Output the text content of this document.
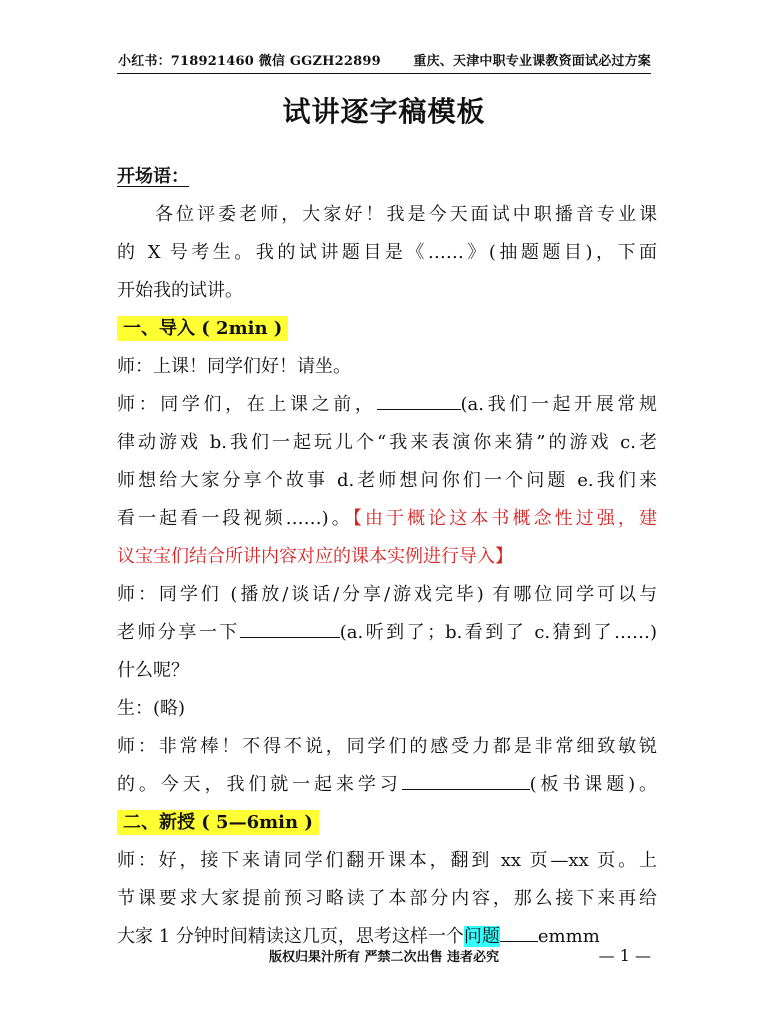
小红书：718921460 微信 GGZH22899	重庆、天津中职专业课教资面试必过方案
试讲逐字稿模板
开场语：
各位评委老师，大家好！我是今天面试中职播音专业课
的 X 号考生。我的试讲题目是《……》(抽题题目)，下面
开始我的试讲。
一、导入 ( 2min )
师：上课！同学们好！请坐。
师：同学们，在上课之前，	(a.我们一起开展常规
律动游戏 b.我们一起玩儿个“我来表演你来猜”的游戏 c.老
师想给大家分享个故事 d.老师想问你们一个问题 e.我们来
看一起看一段视频……)。【由于概论这本书概念性过强，建
议宝宝们结合所讲内容对应的课本实例进行导入】
师：同学们 (播放/谈话/分享/游戏完毕) 有哪位同学可以与
老师分享一下	(a.听到了；b.看到了 c.猜到了……)
什么呢？
生：(略)
师：非常棒！不得不说，同学们的感受力都是非常细致敏锐
的。今天，我们就一起来学习	(板书课题)。
二、新授 ( 5—6min )
师：好，接下来请同学们翻开课本，翻到 xx 页—xx 页。上
节课要求大家提前预习略读了本部分内容，那么接下来再给
大家 1 分钟时间精读这几页，思考这样一个问题 emmm
版权归果汁所有 严禁二次出售 违者必究	— 1 —
